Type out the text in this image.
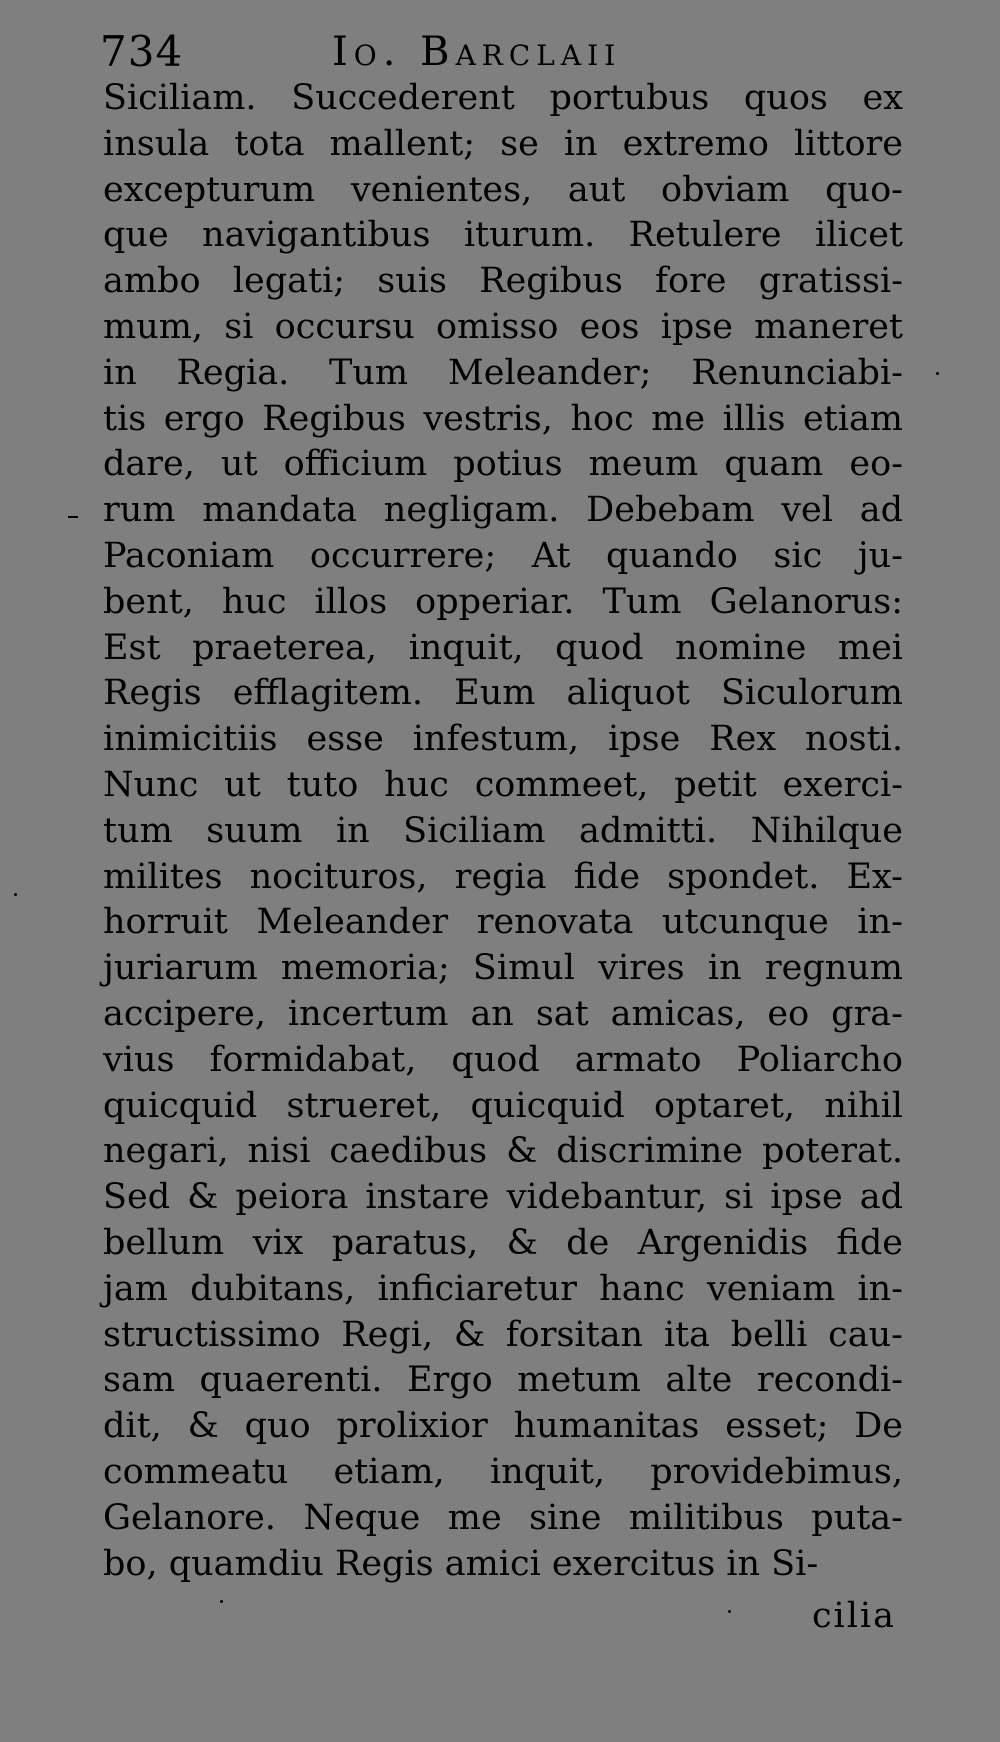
734	Io. Barclaii
Siciliam. Succederent portubus quos ex
insula tota mallent; se in extremo littore
excepturum venientes, aut obviam quo-
que navigantibus iturum. Retulere ilicet
ambo legati; suis Regibus fore gratissi-
mum, si occursu omisso eos ipse maneret
in Regia. Tum Meleander; Renunciabi-
tis ergo Regibus vestris, hoc me illis etiam
dare, ut officium potius meum quam eo-
rum mandata negligam. Debebam vel ad
Paconiam occurrere; At quando sic ju-
bent, huc illos opperiar. Tum Gelanorus:
Est praeterea, inquit, quod nomine mei
Regis efflagitem. Eum aliquot Siculorum
inimicitiis esse infestum, ipse Rex nosti.
Nunc ut tuto huc commeet, petit exerci-
tum suum in Siciliam admitti. Nihilque
milites nocituros, regia fide spondet. Ex-
horruit Meleander renovata utcunque in-
juriarum memoria; Simul vires in regnum
accipere, incertum an sat amicas, eo gra-
vius formidabat, quod armato Poliarcho
quicquid strueret, quicquid optaret, nihil
negari, nisi caedibus & discrimine poterat.
Sed & peiora instare videbantur, si ipse ad
bellum vix paratus, & de Argenidis fide
jam dubitans, inficiaretur hanc veniam in-
structissimo Regi, & forsitan ita belli cau-
sam quaerenti. Ergo metum alte recondi-
dit, & quo prolixior humanitas esset; De
commeatu etiam, inquit, providebimus,
Gelanore. Neque me sine militibus puta-
bo, quamdiu Regis amici exercitus in Si-
cilia
